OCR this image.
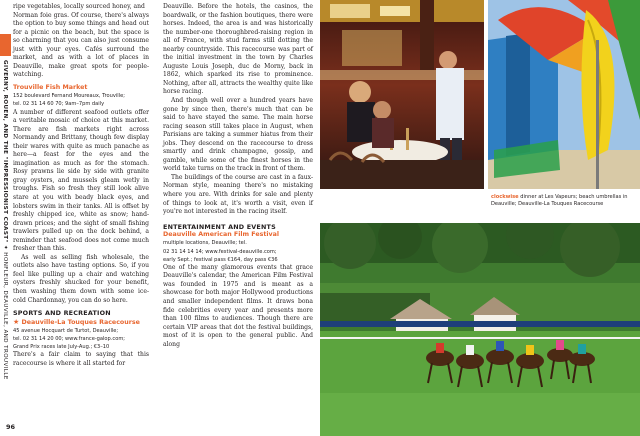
GIVERNY, ROUEN, AND THE "IMPRESSIONIST COAST" ✦ HONFLEUR, DEAUVILLE, AND TROUVILLE
96

ripe vegetables, locally sourced honey, and

Norman foie gras. Of course, there's always the option to buy some things and head out for a picnic on the beach, but the space is so charming that you can also just consume just with your eyes. Cafés surround the market, and as with a lot of places in Deauville, make great spots for people-watching.

Trouville Fish Market
152 boulevard Fernand Moureaux, Trouville;
tel. 02 31 14 60 70; 9am–7pm daily

A number of different seafood outlets offer a veritable mosaic of choice at this market. There are fish markets right across Normandy and Brittany, though few display their wares with quite as much panache as here—a feast for the eyes and the imagination as much as for the stomach. Rosy prawns lie side by side with granite gray oysters, and mussels gleam wetly in troughs. Fish so fresh they still look alive stare at you with beady black eyes, and lobsters swim in their tanks. All is offset by freshly chipped ice, white as snow; hand-drawn prices; and the sight of small fishing trawlers pulled up on the dock behind, a reminder that seafood does not come much fresher than this.

As well as selling fish wholesale, the outlets also have tasting options. So, if you feel like pulling up a chair and watching oysters freshly shucked for your benefit, then washing them down with some ice-cold Chardonnay, you can do so here.

SPORTS AND RECREATION
★ Deauville-La Touques Racecourse
45 avenue Hocquart de Turtot, Deauville;
tel. 02 31 14 20 00; www.france-galop.com;
Grand Prix races late July-Aug.; €3–10

There's a fair claim to saying that this racecourse is where it all started for

Deauville. Before the hotels, the casinos, the boardwalk, or the fashion boutiques, there were horses. Indeed, the area is and was historically the number-one thoroughbred-raising region in all of France, with stud farms still dotting the nearby countryside. This racecourse was part of the initial investment in the town by Charles Auguste Louis Joseph, duc de Morny, back in 1862, which sparked its rise to prominence. Nothing, after all, attracts the wealthy quite like horse racing.

And though well over a hundred years have gone by since then, there's much that can be said to have stayed the same. The main horse racing season still takes place in August, when Parisians are taking a summer hiatus from their jobs. They descend on the racecourse to dress smartly and drink champagne, gossip, and gamble, while some of the finest horses in the world take turns on the track in front of them.

The buildings of the course are cast in a faux-Norman style, meaning there's no mistaking where you are. With drinks for sale and plenty of things to look at, it's worth a visit, even if you're not interested in the racing itself.

ENTERTAINMENT AND EVENTS
Deauville American Film Festival
multiple locations, Deauville; tel.
02 31 14 14 14; www.festival-deauville.com;
early Sept.; festival pass €164, day pass €36

One of the many glamorous events that grace Deauville's calendar, the American Film Festival was founded in 1975 and is meant as a showcase for both major Hollywood productions and smaller independent films. It draws bona fide celebrities every year and presents more than 100 films to audiences. Though there are certain VIP areas that dot the festival buildings, most of it is open to the general public. And along

clockwise dinner at Les Vapeurs; beach umbrellas in Deauville; Deauville-La Touques Racecourse
